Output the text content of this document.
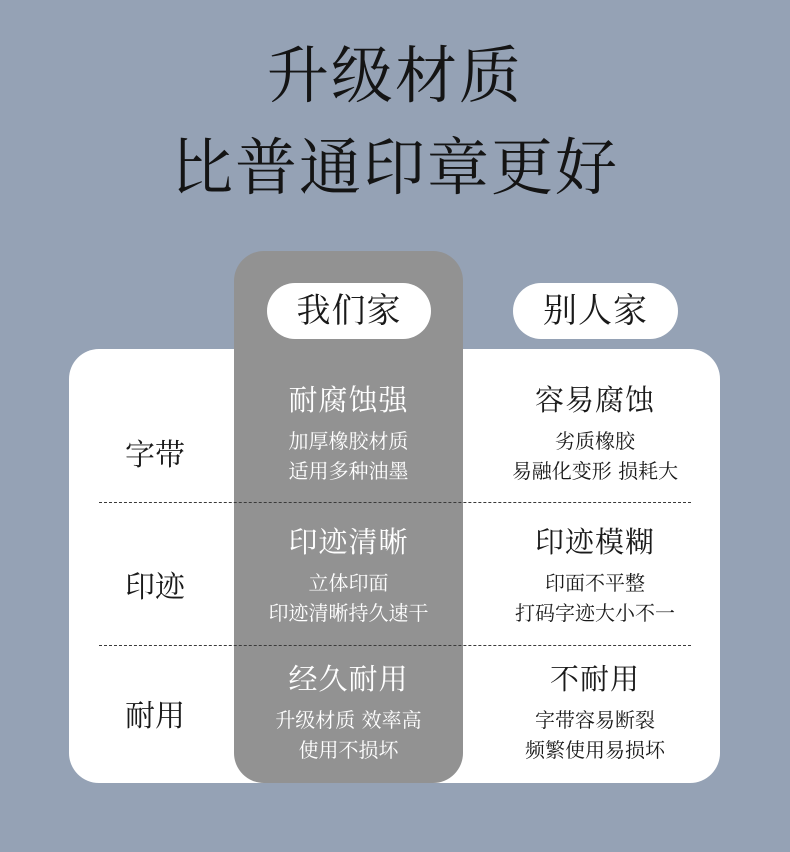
升级材质
比普通印章更好
我们家	别人家
字带
耐腐蚀强
加厚橡胶材质
适用多种油墨
容易腐蚀
劣质橡胶
易融化变形 损耗大
印迹
印迹清晰
立体印面
印迹清晰持久速干
印迹模糊
印面不平整
打码字迹大小不一
耐用
经久耐用
升级材质 效率高
使用不损坏
不耐用
字带容易断裂
频繁使用易损坏
